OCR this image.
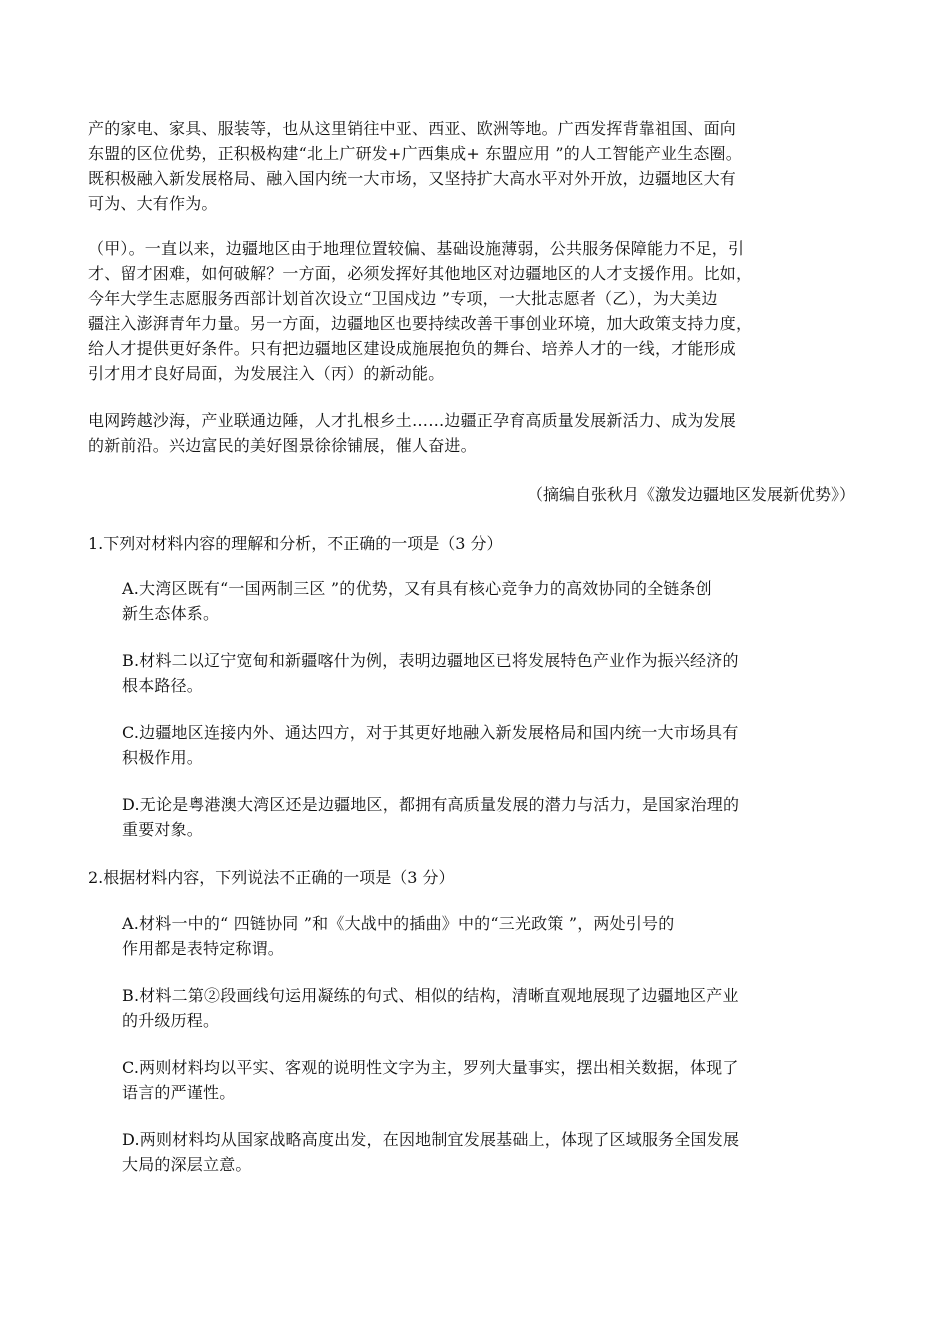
产的家电、家具、服装等，也从这里销往中亚、西亚、欧洲等地。广西发挥背靠祖国、面向
东盟的区位优势，正积极构建“北上广研发+广西集成+ 东盟应用 ”的人工智能产业生态圈。
既积极融入新发展格局、融入国内统一大市场，又坚持扩大高水平对外开放，边疆地区大有
可为、大有作为。
（甲）。一直以来，边疆地区由于地理位置较偏、基础设施薄弱，公共服务保障能力不足，引
才、留才困难，如何破解？一方面，必须发挥好其他地区对边疆地区的人才支援作用。比如，
今年大学生志愿服务西部计划首次设立“卫国戍边 ”专项，一大批志愿者（乙），为大美边
疆注入澎湃青年力量。另一方面，边疆地区也要持续改善干事创业环境，加大政策支持力度，
给人才提供更好条件。只有把边疆地区建设成施展抱负的舞台、培养人才的一线，才能形成
引才用才良好局面，为发展注入（丙）的新动能。
电网跨越沙海，产业联通边陲，人才扎根乡土……边疆正孕育高质量发展新活力、成为发展
的新前沿。兴边富民的美好图景徐徐铺展，催人奋进。
（摘编自张秋月《激发边疆地区发展新优势》）
1.下列对材料内容的理解和分析，不正确的一项是（3 分）
A.大湾区既有“一国两制三区 ”的优势，又有具有核心竞争力的高效协同的全链条创
新生态体系。
B.材料二以辽宁宽甸和新疆喀什为例，表明边疆地区已将发展特色产业作为振兴经济的
根本路径。
C.边疆地区连接内外、通达四方，对于其更好地融入新发展格局和国内统一大市场具有
积极作用。
D.无论是粤港澳大湾区还是边疆地区，都拥有高质量发展的潜力与活力，是国家治理的
重要对象。
2.根据材料内容，下列说法不正确的一项是（3 分）
A.材料一中的“ 四链协同 ”和《大战中的插曲》中的“三光政策 ”，两处引号的
作用都是表特定称谓。
B.材料二第②段画线句运用凝练的句式、相似的结构，清晰直观地展现了边疆地区产业
的升级历程。
C.两则材料均以平实、客观的说明性文字为主，罗列大量事实，摆出相关数据，体现了
语言的严谨性。
D.两则材料均从国家战略高度出发，在因地制宜发展基础上，体现了区域服务全国发展
大局的深层立意。
